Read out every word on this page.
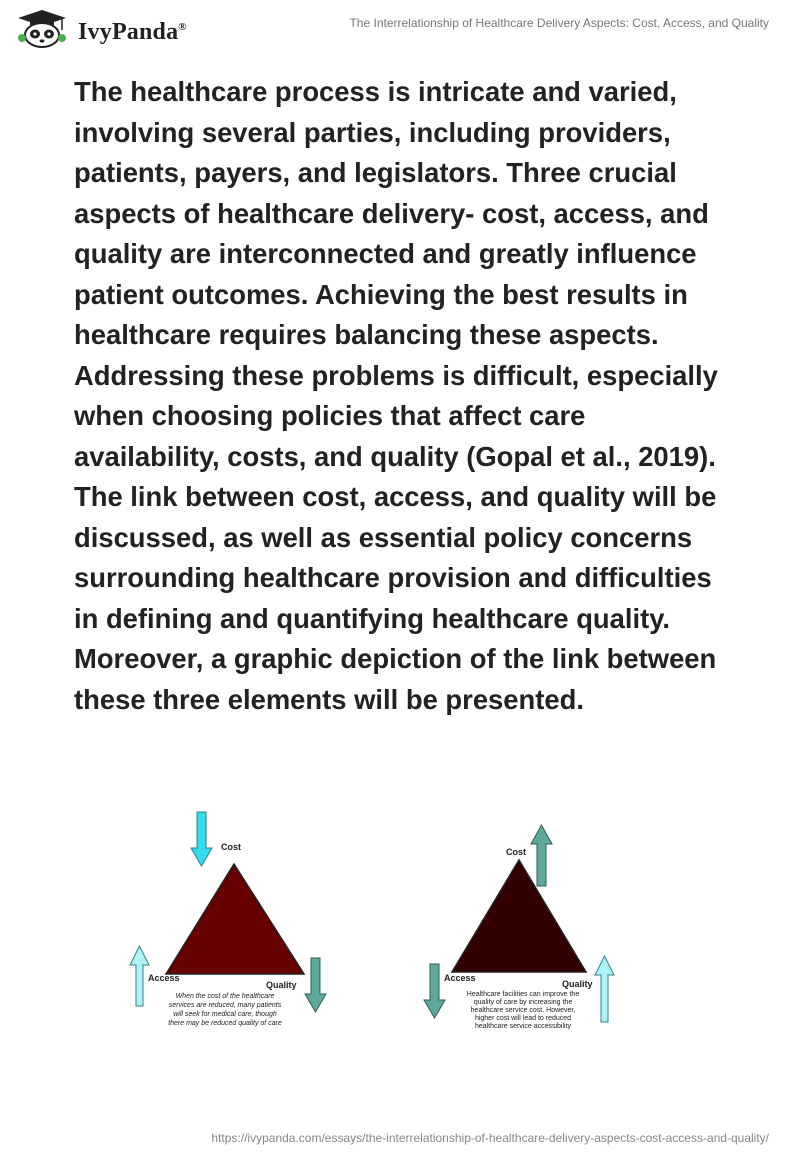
IvyPanda®	The Interrelationship of Healthcare Delivery Aspects: Cost, Access, and Quality

The healthcare process is intricate and varied, involving several parties, including providers, patients, payers, and legislators. Three crucial aspects of healthcare delivery- cost, access, and quality are interconnected and greatly influence patient outcomes. Achieving the best results in healthcare requires balancing these aspects.  Addressing these problems is difficult, especially when choosing policies that affect care availability, costs, and quality (Gopal et al., 2019). The link between cost, access, and quality will be discussed, as well as essential policy concerns surrounding healthcare provision and difficulties in defining and quantifying healthcare quality. Moreover, a graphic depiction of the link between these three elements will be presented.

Cost
Access
Quality
When the cost of the healthcare
services are reduced, many patients
will seek for medical care, though
there may be reduced quality of care
Cost
Access
Quality
Healthcare facilities can improve the
quality of care by increasing the
healthcare service cost. However,
higher cost will lead to reduced
healthcare service accessibility
https://ivypanda.com/essays/the-interrelationship-of-healthcare-delivery-aspects-cost-access-and-quality/
